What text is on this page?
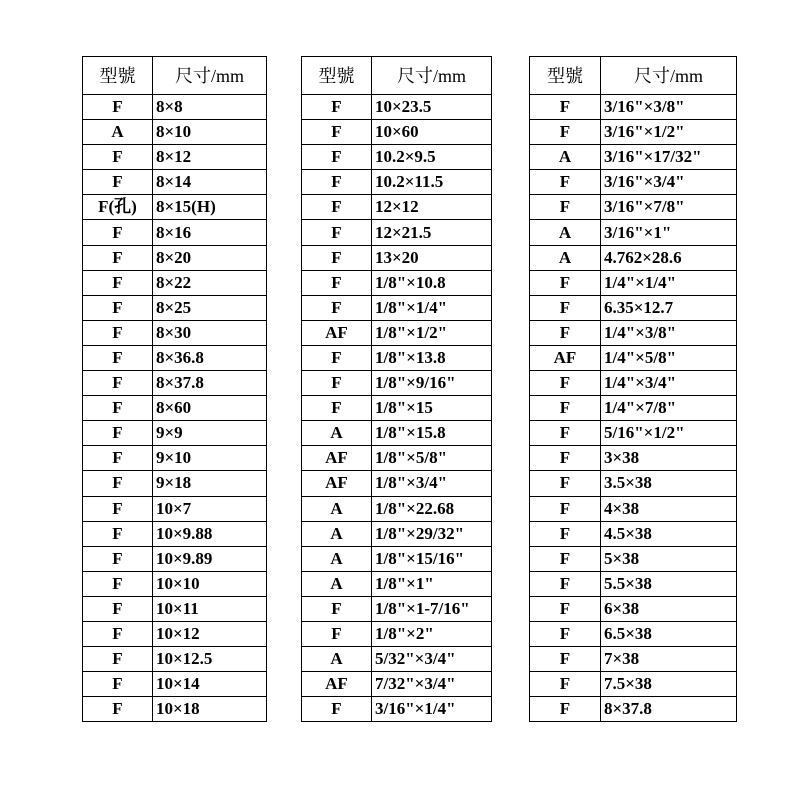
型號	尺寸/mm
F	8×8
A	8×10
F	8×12
F	8×14
F(孔)	8×15(H)
F	8×16
F	8×20
F	8×22
F	8×25
F	8×30
F	8×36.8
F	8×37.8
F	8×60
F	9×9
F	9×10
F	9×18
F	10×7
F	10×9.88
F	10×9.89
F	10×10
F	10×11
F	10×12
F	10×12.5
F	10×14
F	10×18
型號	尺寸/mm
F	10×23.5
F	10×60
F	10.2×9.5
F	10.2×11.5
F	12×12
F	12×21.5
F	13×20
F	1/8"×10.8
F	1/8"×1/4"
AF	1/8"×1/2"
F	1/8"×13.8
F	1/8"×9/16"
F	1/8"×15
A	1/8"×15.8
AF	1/8"×5/8"
AF	1/8"×3/4"
A	1/8"×22.68
A	1/8"×29/32"
A	1/8"×15/16"
A	1/8"×1"
F	1/8"×1-7/16"
F	1/8"×2"
A	5/32"×3/4"
AF	7/32"×3/4"
F	3/16"×1/4"
型號	尺寸/mm
F	3/16"×3/8"
F	3/16"×1/2"
A	3/16"×17/32"
F	3/16"×3/4"
F	3/16"×7/8"
A	3/16"×1"
A	4.762×28.6
F	1/4"×1/4"
F	6.35×12.7
F	1/4"×3/8"
AF	1/4"×5/8"
F	1/4"×3/4"
F	1/4"×7/8"
F	5/16"×1/2"
F	3×38
F	3.5×38
F	4×38
F	4.5×38
F	5×38
F	5.5×38
F	6×38
F	6.5×38
F	7×38
F	7.5×38
F	8×37.8
